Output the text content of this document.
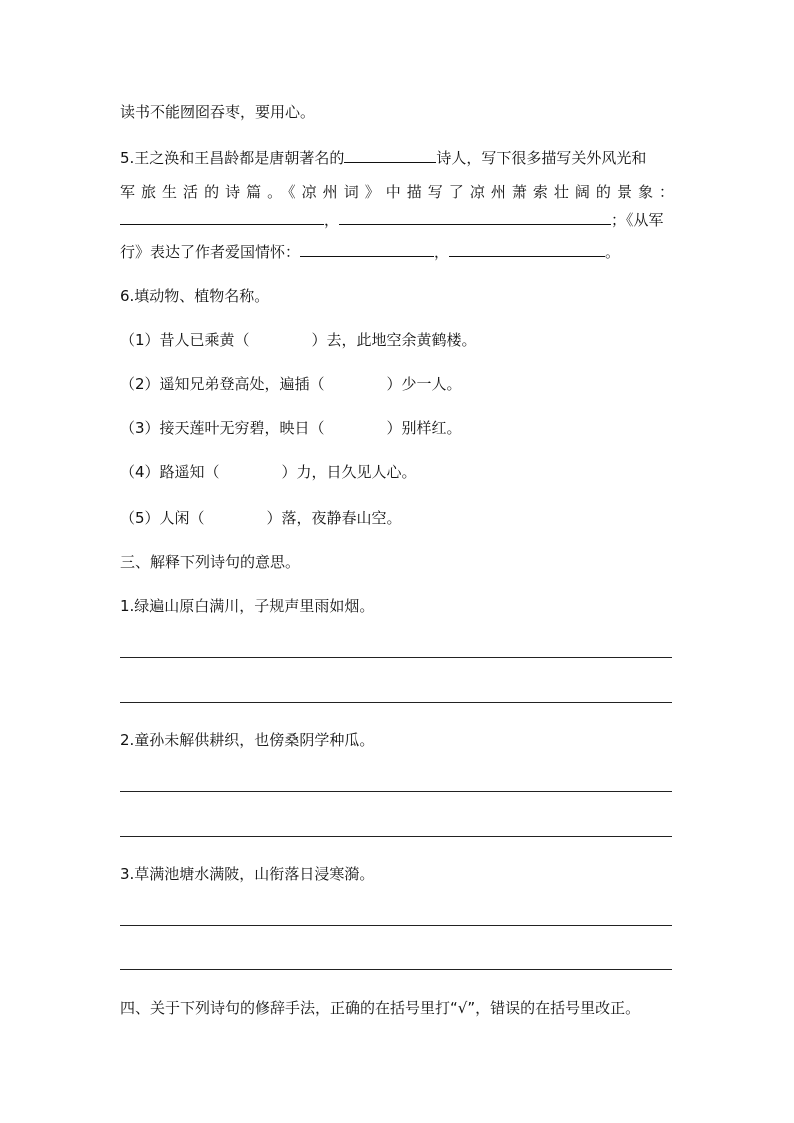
读书不能囫囵吞枣，要用心。
5.王之涣和王昌龄都是唐朝著名的	诗人，写下很多描写关外风光和
军旅生活的诗篇。《凉州词》中描写了凉州萧索壮阔的景象：
，	；《从军
行》表达了作者爱国情怀：	，	。
6.填动物、植物名称。
（1）昔人已乘黄（	）去，此地空余黄鹤楼。
（2）遥知兄弟登高处，遍插（	）少一人。
（3）接天莲叶无穷碧，映日（	）别样红。
（4）路遥知（	）力，日久见人心。
（5）人闲（	）落，夜静春山空。
三、解释下列诗句的意思。
1.绿遍山原白满川，子规声里雨如烟。
2.童孙未解供耕织，也傍桑阴学种瓜。
3.草满池塘水满陂，山衔落日浸寒漪。
四、关于下列诗句的修辞手法，正确的在括号里打“√”，错误的在括号里改正。
